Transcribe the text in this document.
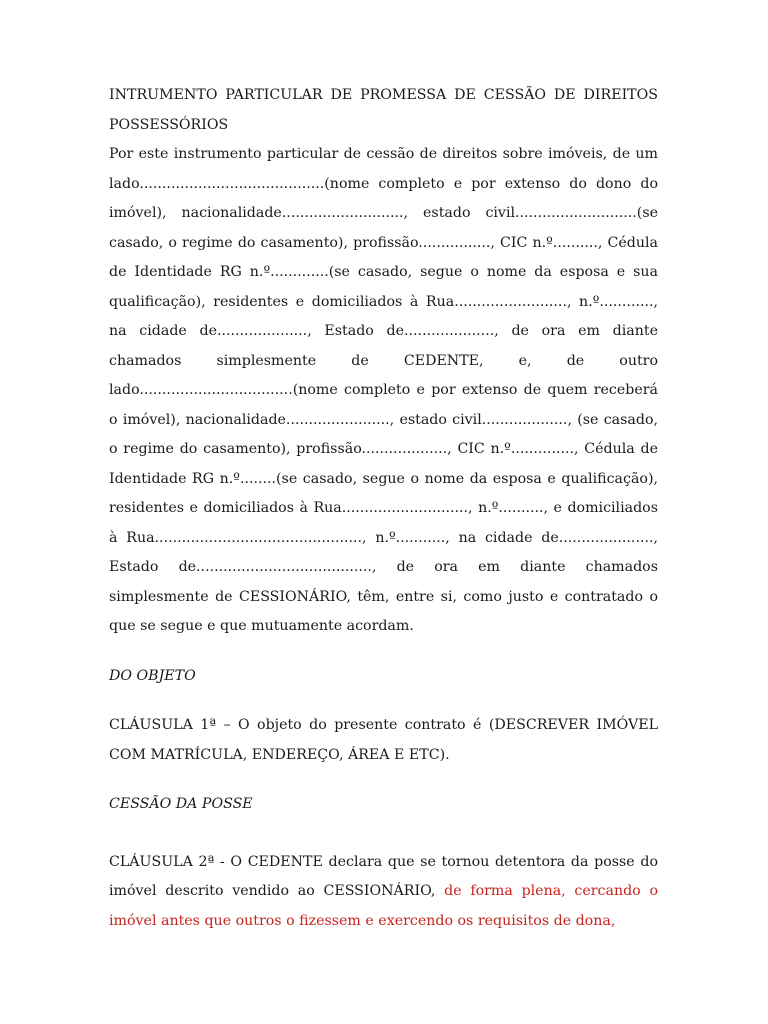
INTRUMENTO PARTICULAR DE PROMESSA DE CESSÃO DE DIREITOS POSSESSÓRIOS

Por este instrumento particular de cessão de direitos sobre imóveis, de um lado.........................................(nome completo e por extenso do dono do imóvel), nacionalidade..........................., estado civil...........................(se casado, o regime do casamento), profissão................, CIC n.º.........., Cédula de Identidade RG n.º.............(se casado, segue o nome da esposa e sua qualificação), residentes e domiciliados à Rua........................., n.º............, na cidade de...................., Estado de...................., de ora em diante chamados simplesmente de CEDENTE, e, de outro lado..................................(nome completo e por extenso de quem receberá o imóvel), nacionalidade......................., estado civil..................., (se casado, o regime do casamento), profissão..................., CIC n.º.............., Cédula de Identidade RG n.º........(se casado, segue o nome da esposa e qualificação), residentes e domiciliados à Rua............................, n.º.........., e domiciliados à Rua.............................................., n.º..........., na cidade de....................., Estado de......................................., de ora em diante chamados simplesmente de CESSIONÁRIO, têm, entre si, como justo e contratado o que se segue e que mutuamente acordam.

DO OBJETO

CLÁUSULA 1ª – O objeto do presente contrato é (DESCREVER IMÓVEL COM MATRÍCULA, ENDEREÇO, ÁREA E ETC).

CESSÃO DA POSSE

CLÁUSULA 2ª - O CEDENTE declara que se tornou detentora da posse do imóvel descrito vendido ao CESSIONÁRIO, de forma plena, cercando o imóvel antes que outros o fizessem e exercendo os requisitos de dona,
